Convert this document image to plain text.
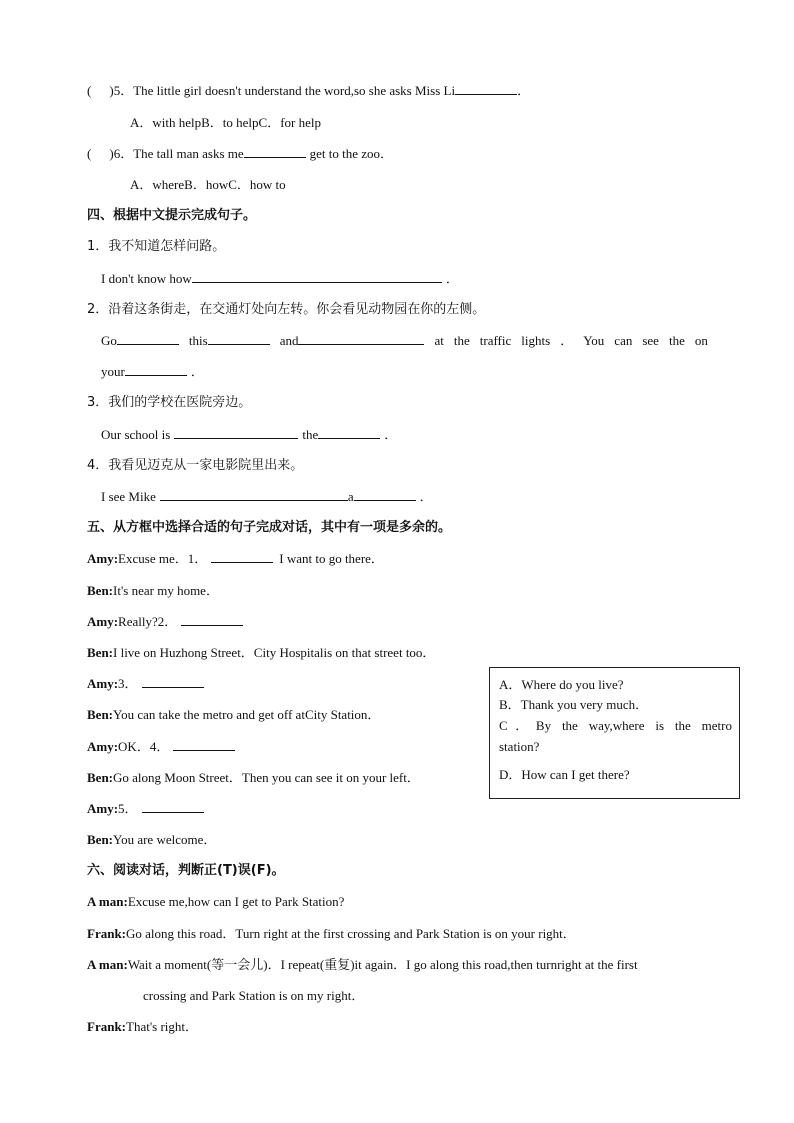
( )5．The little girl doesn't understand the word,so she asks Miss Li	．
A．with helpB．to helpC．for help
( )6．The tall man asks me	get to the zoo．
A．whereB．howC．how to
四、根据中文提示完成句子。
1．我不知道怎样问路。
I don't know how	．
2．沿着这条街走，在交通灯处向左转。你会看见动物园在你的左侧。
Go	this	and	at the traffic lights ． You can see the on
your	．
3．我们的学校在医院旁边。
Our school is	the	．
4．我看见迈克从一家电影院里出来。
I see Mike	a	．
五、从方框中选择合适的句子完成对话，其中有一项是多余的。
Amy:Excuse me．1．	I want to go there．
Ben:It's near my home．
Amy:Really?2．
Ben:I live on Huzhong Street．City Hospitalis on that street too．
Amy:3．
Ben:You can take the metro and get off atCity Station．
Amy:OK．4．
Ben:Go along Moon Street．Then you can see it on your left．
Amy:5．
Ben:You are welcome．
A．Where do you live?
B．Thank you very much．
C．By the way,where is the metro
station?
D．How can I get there?
六、阅读对话，判断正(T)误(F)。
A man:Excuse me,how can I get to Park Station?
Frank:Go along this road．Turn right at the first crossing and Park Station is on your right．
A man:Wait a moment(等一会儿)．I repeat(重复)it again．I go along this road,then turnright at the first
crossing and Park Station is on my right．
Frank:That's right．
